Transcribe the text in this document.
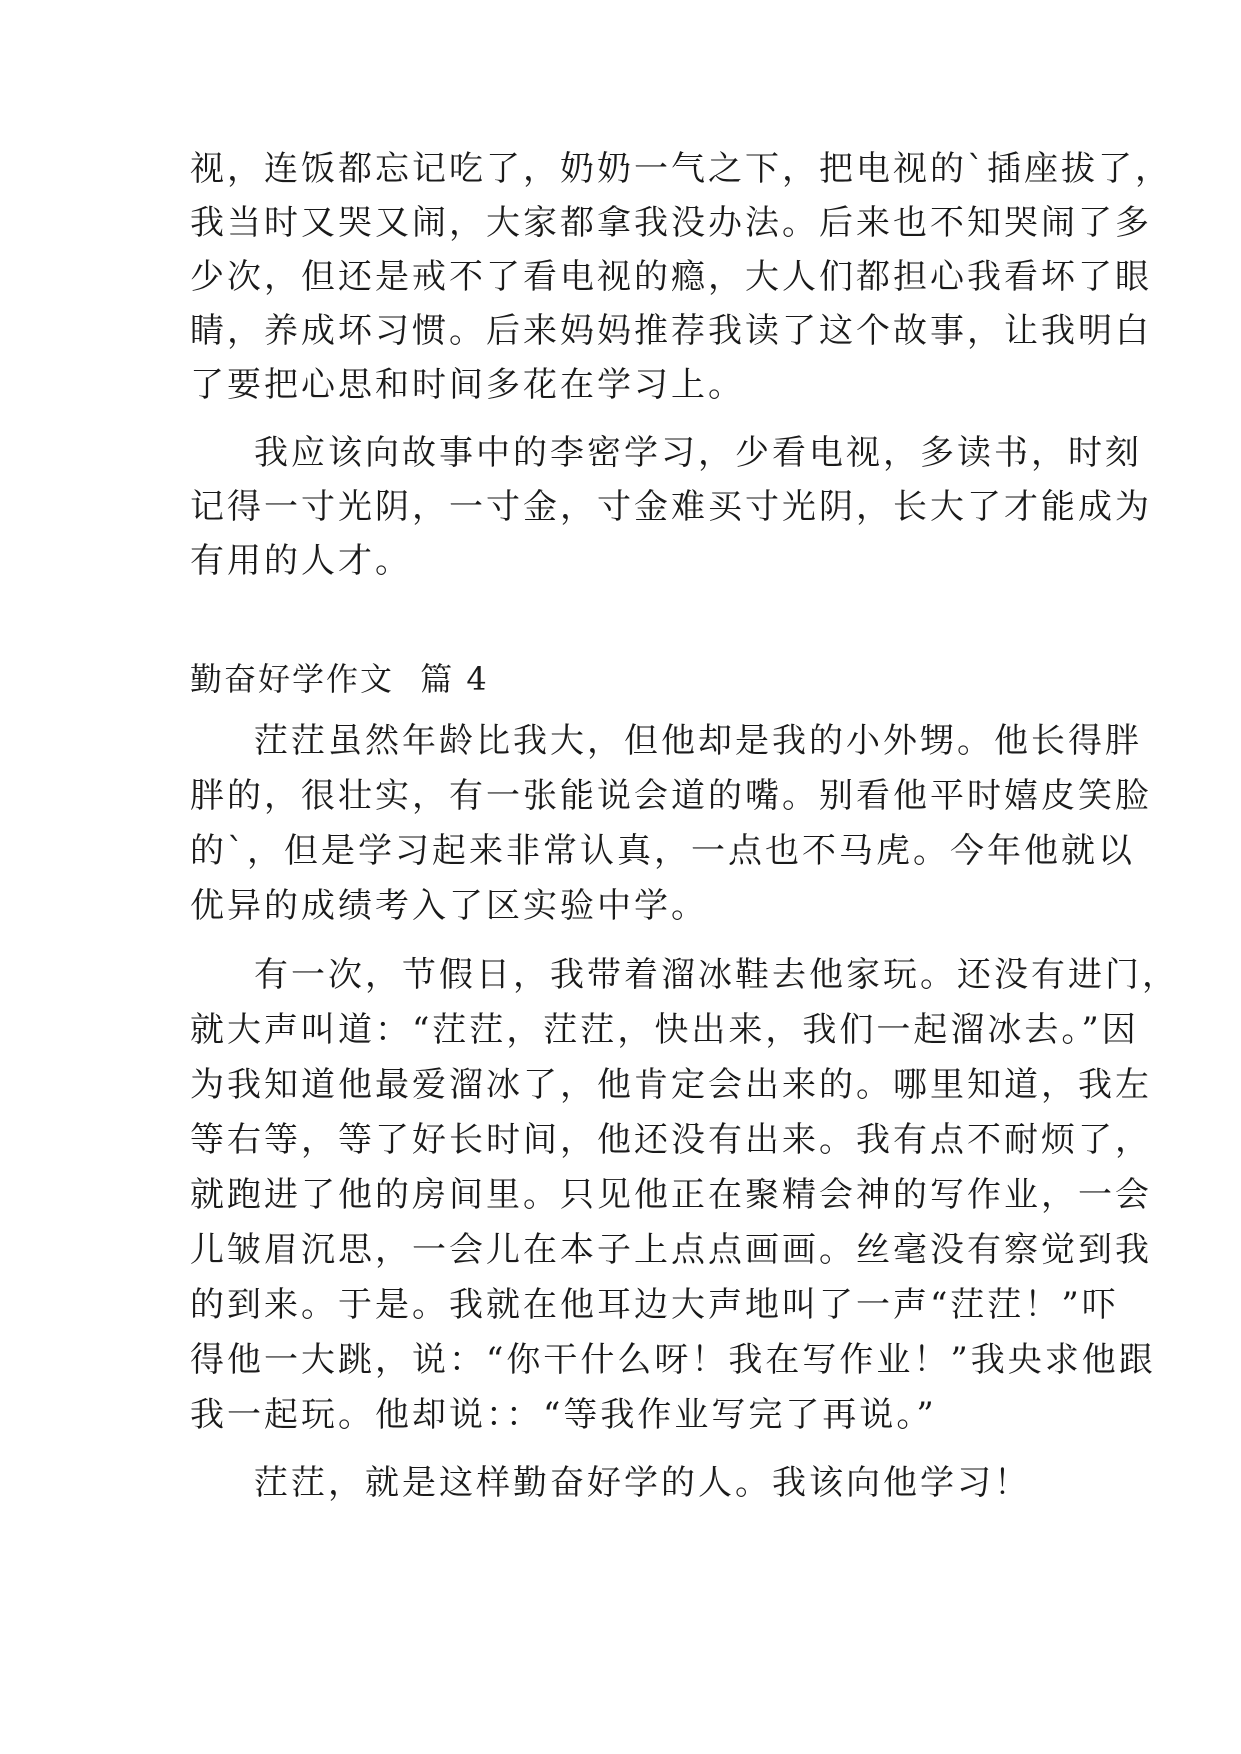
视，连饭都忘记吃了，奶奶一气之下，把电视的`插座拔了，
我当时又哭又闹，大家都拿我没办法。后来也不知哭闹了多
少次，但还是戒不了看电视的瘾，大人们都担心我看坏了眼
睛，养成坏习惯。后来妈妈推荐我读了这个故事，让我明白
了要把心思和时间多花在学习上。
我应该向故事中的李密学习，少看电视，多读书，时刻
记得一寸光阴，一寸金，寸金难买寸光阴，长大了才能成为
有用的人才。
勤奋好学作文 篇 4
茳茳虽然年龄比我大，但他却是我的小外甥。他长得胖
胖的，很壮实，有一张能说会道的嘴。别看他平时嬉皮笑脸
的`，但是学习起来非常认真，一点也不马虎。今年他就以
优异的成绩考入了区实验中学。
有一次，节假日，我带着溜冰鞋去他家玩。还没有进门，
就大声叫道：“茳茳，茳茳，快出来，我们一起溜冰去。”因
为我知道他最爱溜冰了，他肯定会出来的。哪里知道，我左
等右等，等了好长时间，他还没有出来。我有点不耐烦了，
就跑进了他的房间里。只见他正在聚精会神的写作业，一会
儿皱眉沉思，一会儿在本子上点点画画。丝毫没有察觉到我
的到来。于是。我就在他耳边大声地叫了一声“茳茳！”吓
得他一大跳，说：“你干什么呀！我在写作业！”我央求他跟
我一起玩。他却说：：“等我作业写完了再说。”
茳茳，就是这样勤奋好学的人。我该向他学习！
